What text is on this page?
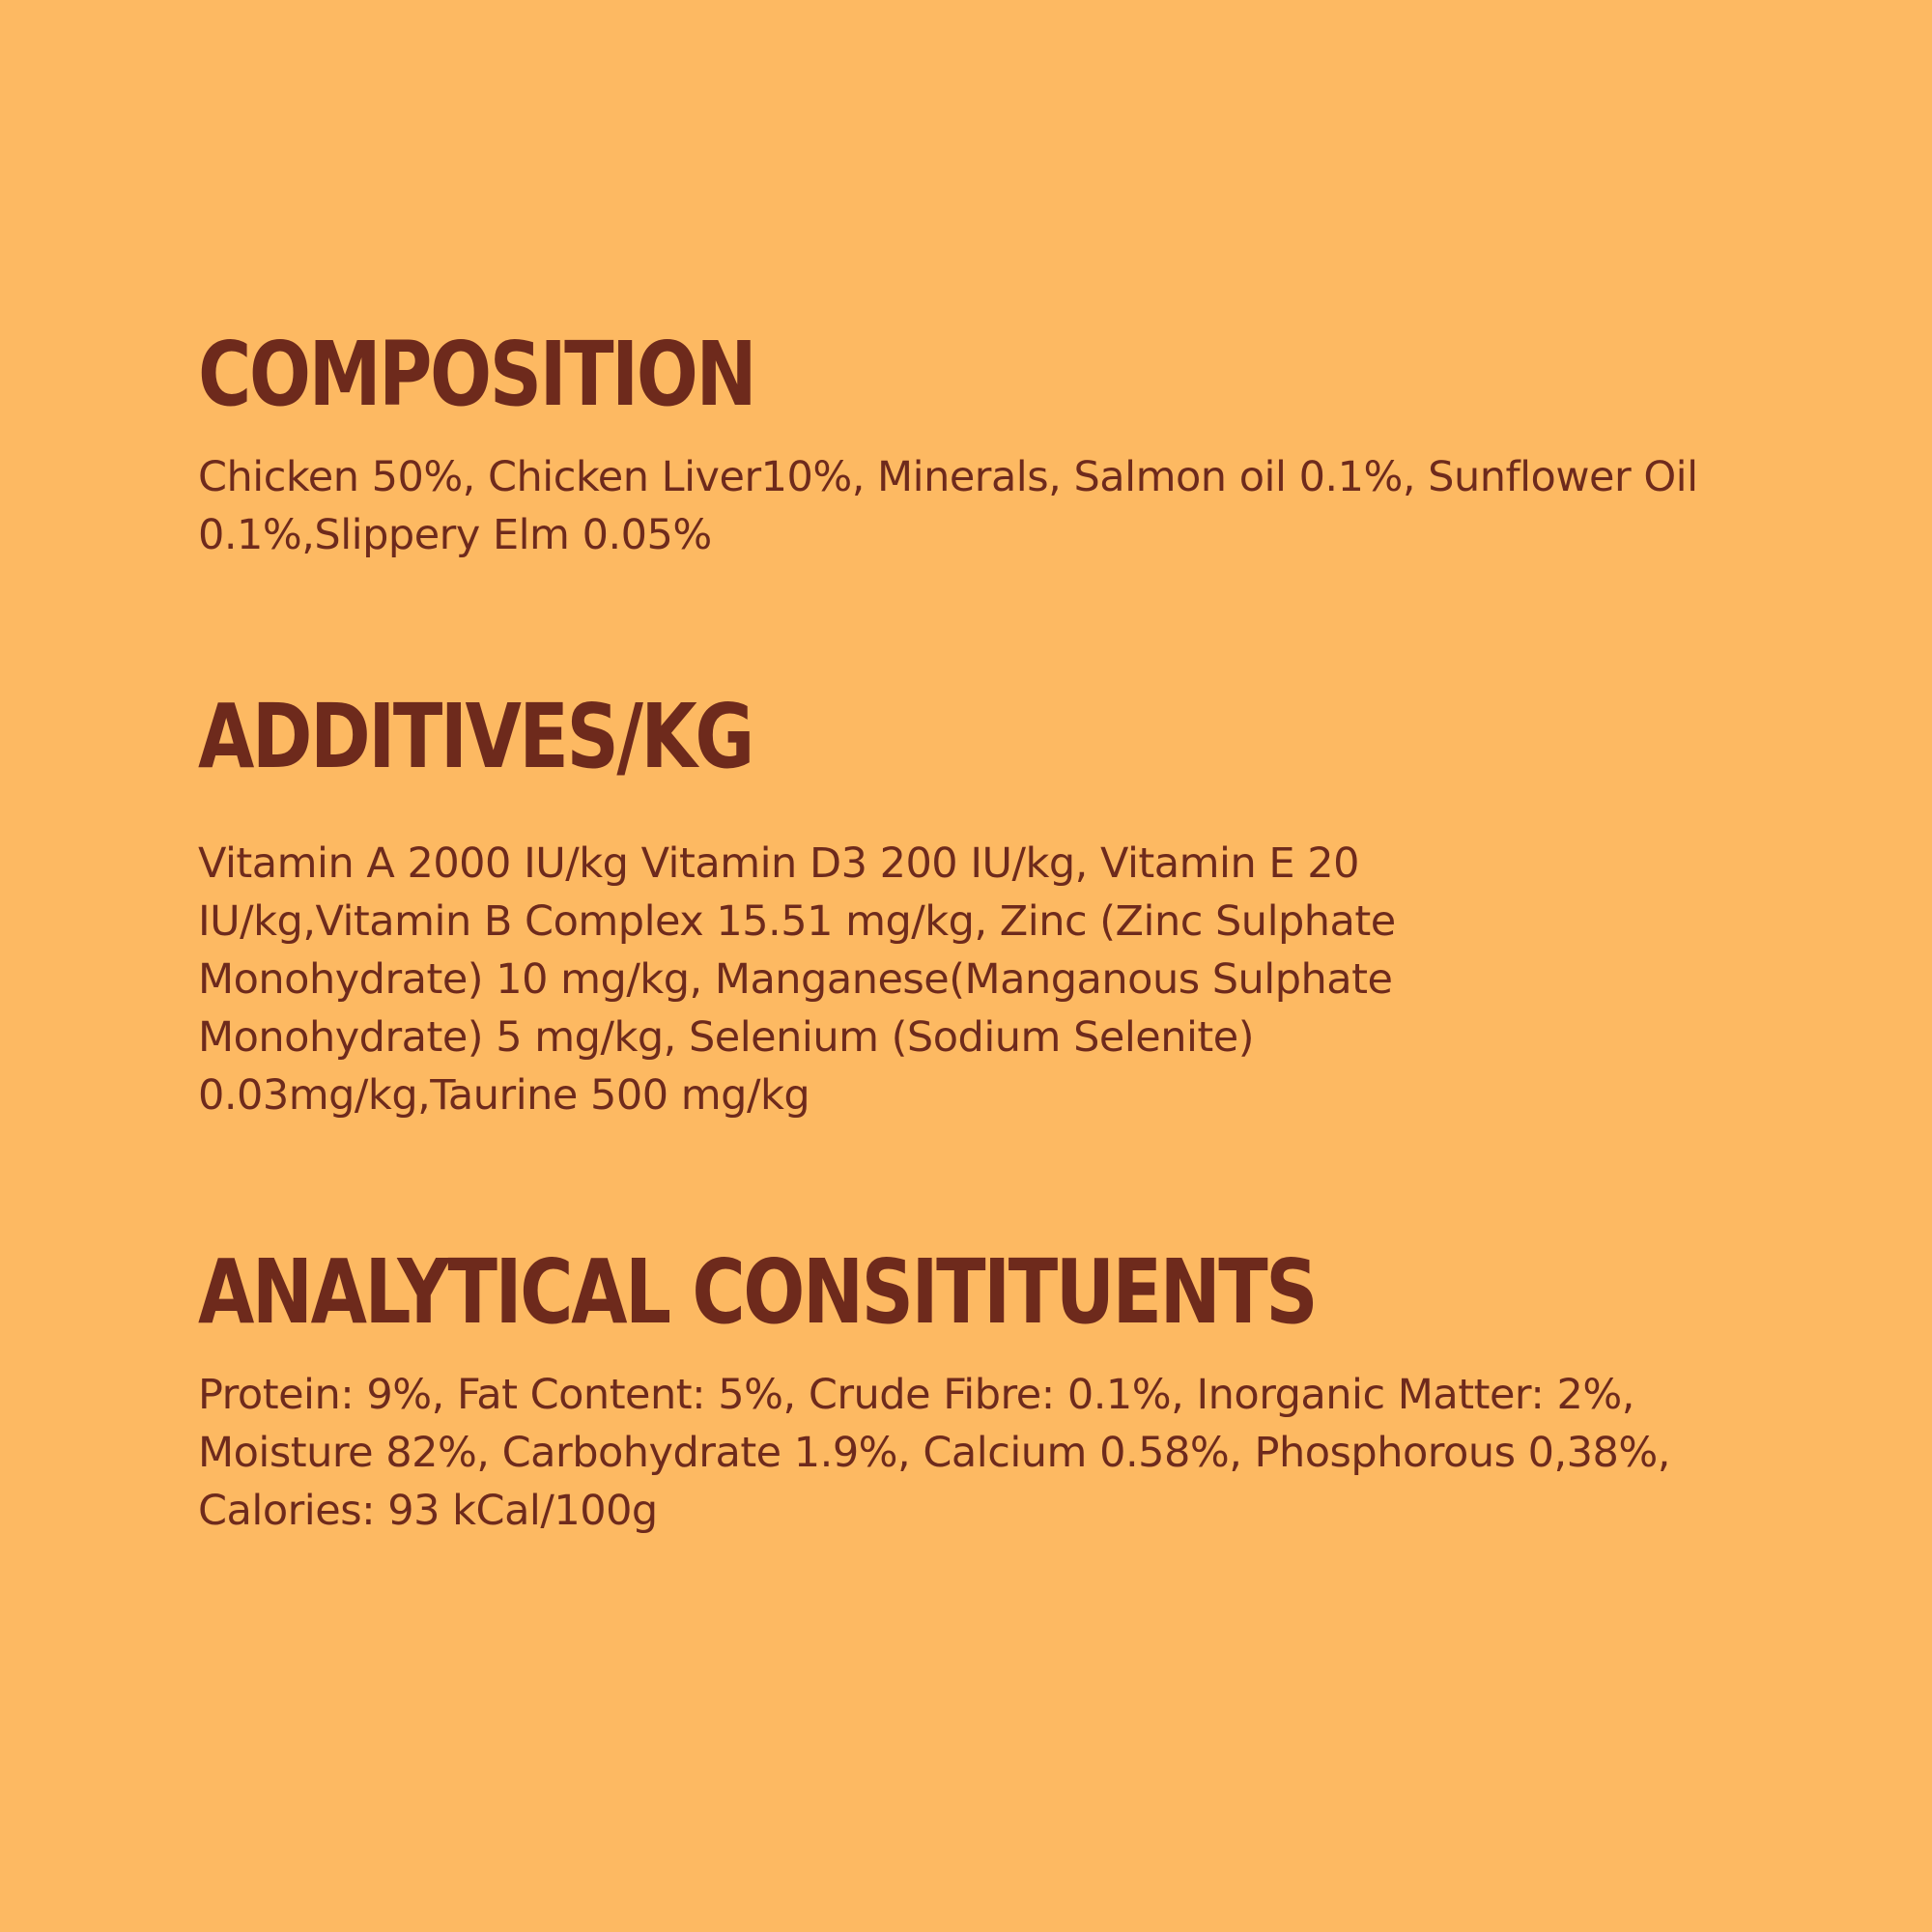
COMPOSITION

Chicken 50%, Chicken Liver10%, Minerals, Salmon oil 0.1%, Sunflower Oil 0.1%,Slippery Elm 0.05%

ADDITIVES/KG

Vitamin A 2000 IU/kg Vitamin D3 200 IU/kg, Vitamin E 20 IU/kg,Vitamin B Complex 15.51 mg/kg, Zinc (Zinc Sulphate Monohydrate) 10 mg/kg, Manganese(Manganous Sulphate Monohydrate) 5 mg/kg, Selenium (Sodium Selenite) 0.03mg/kg,Taurine 500 mg/kg

ANALYTICAL CONSITITUENTS

Protein: 9%, Fat Content: 5%, Crude Fibre: 0.1%, Inorganic Matter: 2%, Moisture 82%, Carbohydrate 1.9%, Calcium 0.58%, Phosphorous 0,38%, Calories: 93 kCal/100g
